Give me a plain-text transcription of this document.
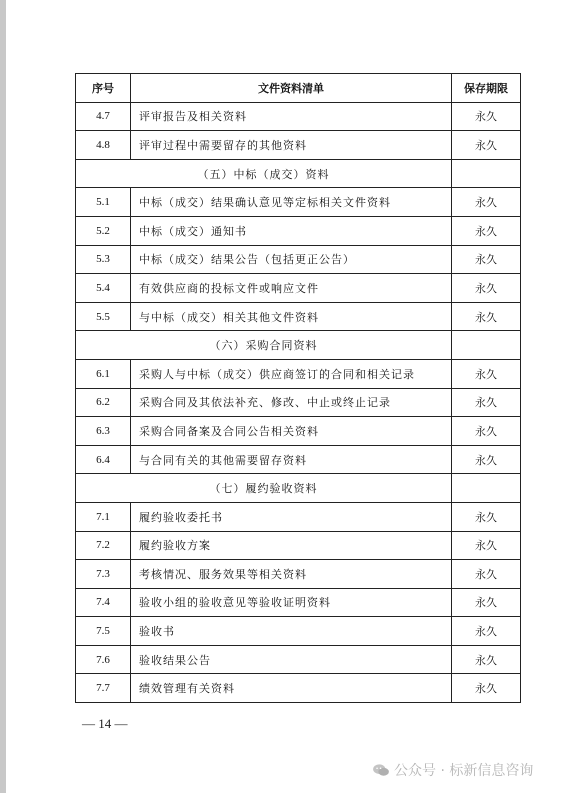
序号	文件资料清单	保存期限
4.7	评审报告及相关资料	永久
4.8	评审过程中需要留存的其他资料	永久
（五）中标（成交）资料		
5.1	中标（成交）结果确认意见等定标相关文件资料	永久
5.2	中标（成交）通知书	永久
5.3	中标（成交）结果公告（包括更正公告）	永久
5.4	有效供应商的投标文件或响应文件	永久
5.5	与中标（成交）相关其他文件资料	永久
（六）采购合同资料		
6.1	采购人与中标（成交）供应商签订的合同和相关记录	永久
6.2	采购合同及其依法补充、修改、中止或终止记录	永久
6.3	采购合同备案及合同公告相关资料	永久
6.4	与合同有关的其他需要留存资料	永久
（七）履约验收资料		
7.1	履约验收委托书	永久
7.2	履约验收方案	永久
7.3	考核情况、服务效果等相关资料	永久
7.4	验收小组的验收意见等验收证明资料	永久
7.5	验收书	永久
7.6	验收结果公告	永久
7.7	绩效管理有关资料	永久
— 14 —
公众号 · 标新信息咨询
